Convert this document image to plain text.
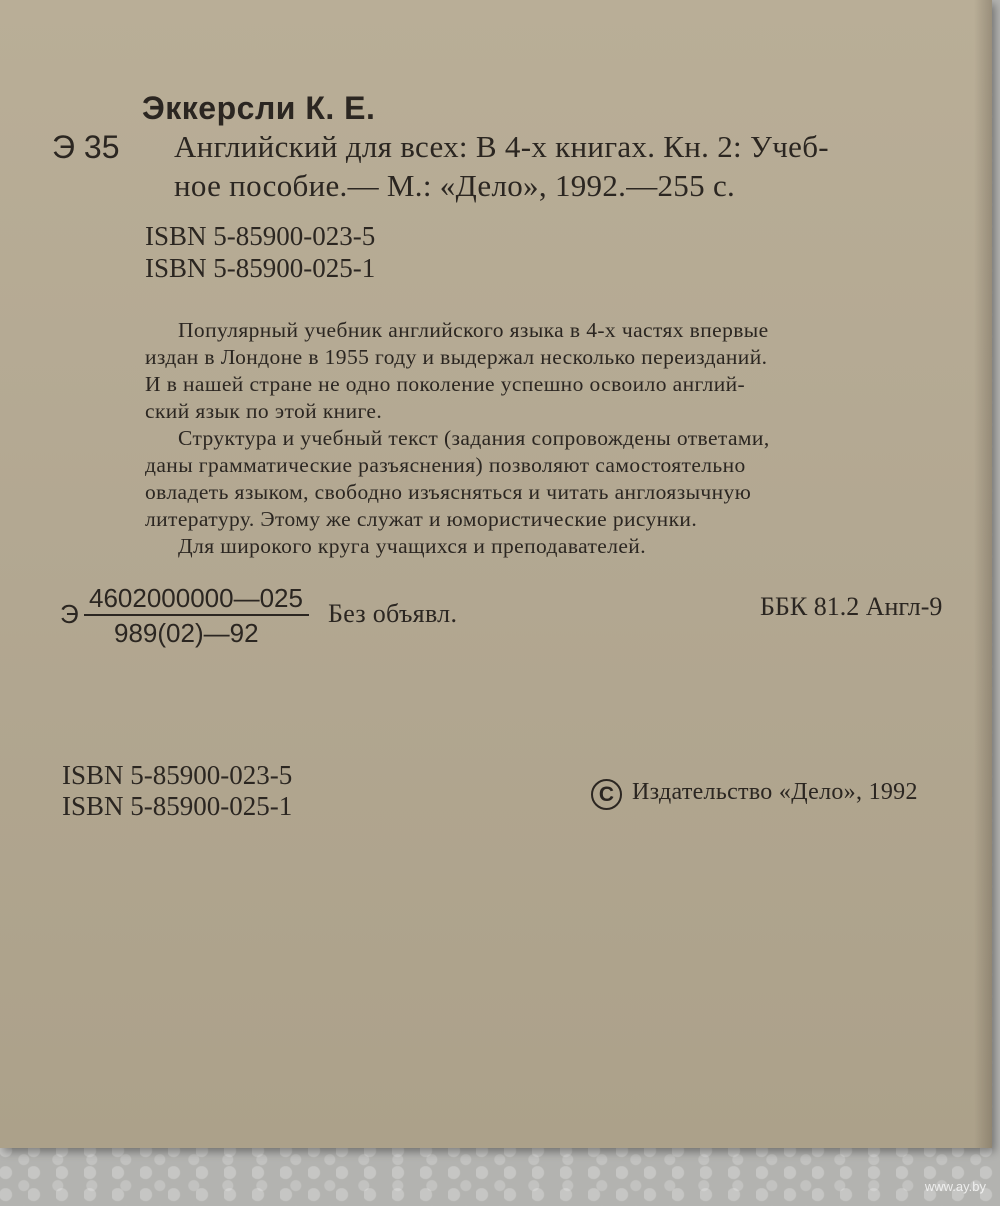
Эккерсли К. Е.
Э 35 Английский для всех: В 4-х книгах. Кн. 2: Учеб-
ное пособие.— М.: «Дело», 1992.—255 с.
ISBN 5-85900-023-5
ISBN 5-85900-025-1
Популярный учебник английского языка в 4-х частях впервые
издан в Лондоне в 1955 году и выдержал несколько переизданий.
И в нашей стране не одно поколение успешно освоило англий-
ский язык по этой книге.
Структура и учебный текст (задания сопровождены ответами,
даны грамматические разъяснения) позволяют самостоятельно
овладеть языком, свободно изъясняться и читать англоязычную
литературу. Этому же служат и юмористические рисунки.
Для широкого круга учащихся и преподавателей.
Э
4602000000—025
989(02)—92
Без объявл.	ББК 81.2 Англ-9
ISBN 5-85900-023-5
ISBN 5-85900-025-1	C Издательство «Дело», 1992
www.ay.by
